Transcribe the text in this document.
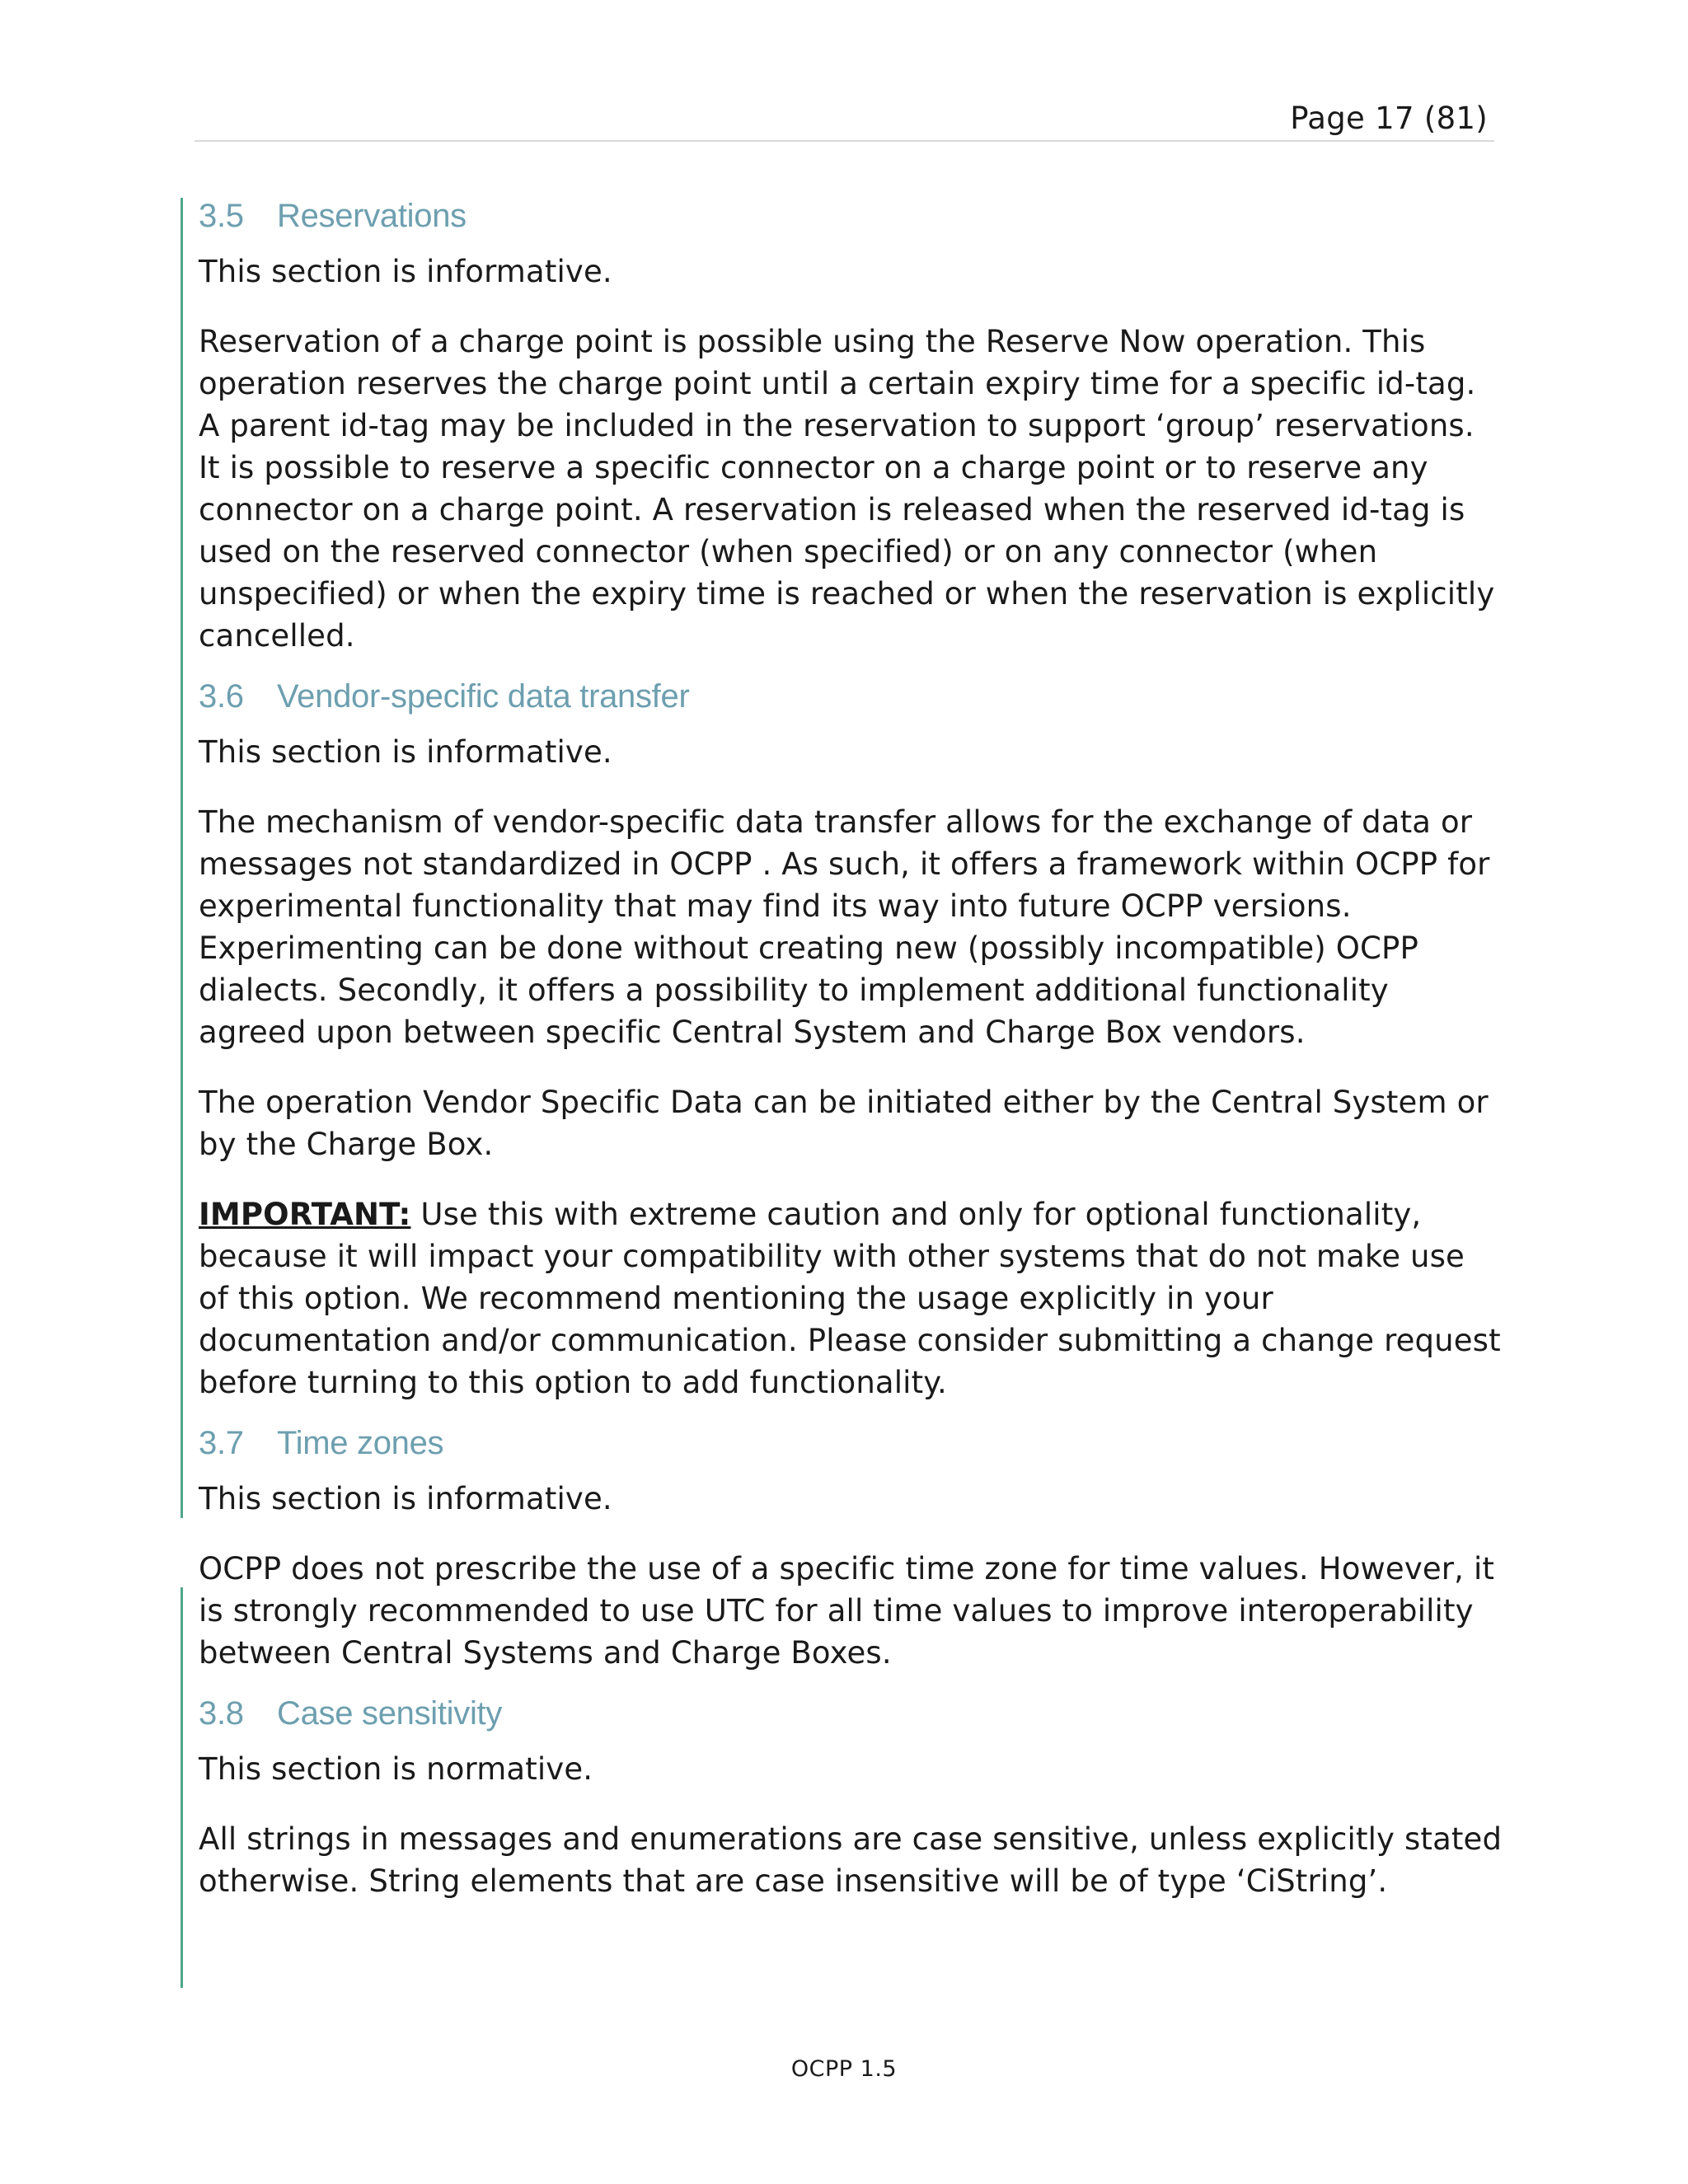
Page 17 (81)
3.5 Reservations

This section is informative.

Reservation of a charge point is possible using the Reserve Now operation. This
operation reserves the charge point until a certain expiry time for a specific id-tag.
A parent id-tag may be included in the reservation to support ‘group’ reservations.
It is possible to reserve a specific connector on a charge point or to reserve any
connector on a charge point. A reservation is released when the reserved id-tag is
used on the reserved connector (when specified) or on any connector (when
unspecified) or when the expiry time is reached or when the reservation is explicitly
cancelled.

3.6 Vendor-specific data transfer

This section is informative.

The mechanism of vendor-specific data transfer allows for the exchange of data or
messages not standardized in OCPP . As such, it offers a framework within OCPP for
experimental functionality that may find its way into future OCPP versions.
Experimenting can be done without creating new (possibly incompatible) OCPP
dialects. Secondly, it offers a possibility to implement additional functionality
agreed upon between specific Central System and Charge Box vendors.

The operation Vendor Specific Data can be initiated either by the Central System or
by the Charge Box.

IMPORTANT: Use this with extreme caution and only for optional functionality,
because it will impact your compatibility with other systems that do not make use
of this option. We recommend mentioning the usage explicitly in your
documentation and/or communication. Please consider submitting a change request
before turning to this option to add functionality.

3.7 Time zones

This section is informative.

OCPP does not prescribe the use of a specific time zone for time values. However, it
is strongly recommended to use UTC for all time values to improve interoperability
between Central Systems and Charge Boxes.

3.8 Case sensitivity

This section is normative.

All strings in messages and enumerations are case sensitive, unless explicitly stated
otherwise. String elements that are case insensitive will be of type ‘CiString’.

OCPP 1.5
